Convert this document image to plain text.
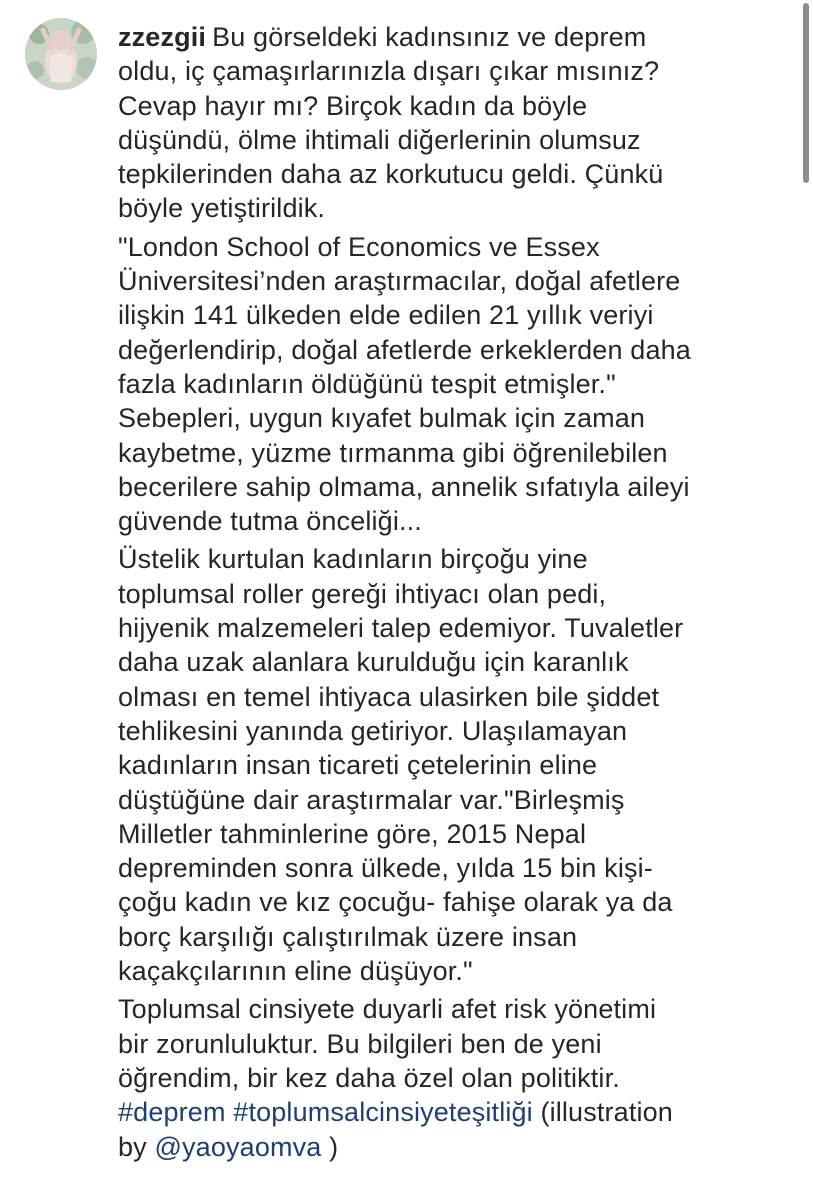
zzezgii Bu görseldeki kadınsınız ve deprem
oldu, iç çamaşırlarınızla dışarı çıkar mısınız?
Cevap hayır mı? Birçok kadın da böyle
düşündü, ölme ihtimali diğerlerinin olumsuz
tepkilerinden daha az korkutucu geldi. Çünkü
böyle yetiştirildik.

"London School of Economics ve Essex
Üniversitesi’nden araştırmacılar, doğal afetlere
ilişkin 141 ülkeden elde edilen 21 yıllık veriyi
değerlendirip, doğal afetlerde erkeklerden daha
fazla kadınların öldüğünü tespit etmişler."
Sebepleri, uygun kıyafet bulmak için zaman
kaybetme, yüzme tırmanma gibi öğrenilebilen
becerilere sahip olmama, annelik sıfatıyla aileyi
güvende tutma önceliği...

Üstelik kurtulan kadınların birçoğu yine
toplumsal roller gereği ihtiyacı olan pedi,
hijyenik malzemeleri talep edemiyor. Tuvaletler
daha uzak alanlara kurulduğu için karanlık
olması en temel ihtiyaca ulasirken bile şiddet
tehlikesini yanında getiriyor. Ulaşılamayan
kadınların insan ticareti çetelerinin eline
düştüğüne dair araştırmalar var."Birleşmiş
Milletler tahminlerine göre, 2015 Nepal
depreminden sonra ülkede, yılda 15 bin kişi-
çoğu kadın ve kız çocuğu- fahişe olarak ya da
borç karşılığı çalıştırılmak üzere insan
kaçakçılarının eline düşüyor."

Toplumsal cinsiyete duyarli afet risk yönetimi
bir zorunluluktur. Bu bilgileri ben de yeni
öğrendim, bir kez daha özel olan politiktir.
#deprem #toplumsalcinsiyeteşitliği (illustration
by @yaoyaomva )
